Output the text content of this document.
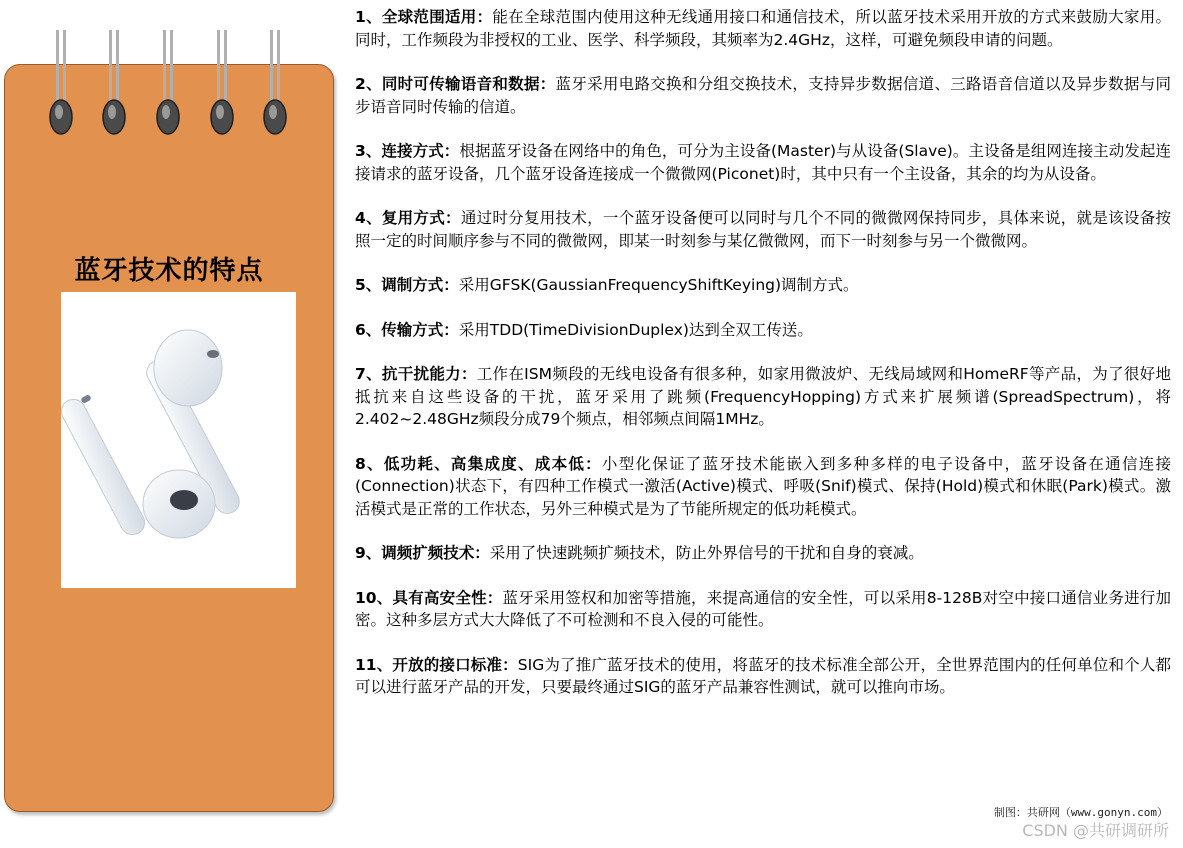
蓝牙技术的特点

1、全球范围适用：能在全球范围内使用这种无线通用接口和通信技术，所以蓝牙技术采用开放的方式来鼓励大家用。同时，工作频段为非授权的工业、医学、科学频段，其频率为2.4GHz，这样，可避免频段申请的问题。

2、同时可传输语音和数据：蓝牙采用电路交换和分组交换技术，支持异步数据信道、三路语音信道以及异步数据与同步语音同时传输的信道。

3、连接方式：根据蓝牙设备在网络中的角色，可分为主设备(Master)与从设备(Slave)。主设备是组网连接主动发起连接请求的蓝牙设备，几个蓝牙设备连接成一个微微网(Piconet)时，其中只有一个主设备，其余的均为从设备。

4、复用方式：通过时分复用技术，一个蓝牙设备便可以同时与几个不同的微微网保持同步，具体来说，就是该设备按照一定的时间顺序参与不同的微微网，即某一时刻参与某亿微微网，而下一时刻参与另一个微微网。

5、调制方式：采用GFSK(GaussianFrequencyShiftKeying)调制方式。

6、传输方式：采用TDD(TimeDivisionDuplex)达到全双工传送。

7、抗干扰能力：工作在ISM频段的无线电设备有很多种，如家用微波炉、无线局域网和HomeRF等产品，为了很好地抵抗来自这些设备的干扰，蓝牙采用了跳频(FrequencyHopping)方式来扩展频谱(SpreadSpectrum)，将2.402~2.48GHz频段分成79个频点，相邻频点间隔1MHz。

8、低功耗、高集成度、成本低：小型化保证了蓝牙技术能嵌入到多种多样的电子设备中，蓝牙设备在通信连接(Connection)状态下，有四种工作模式一激活(Active)模式、呼吸(Snif)模式、保持(Hold)模式和休眠(Park)模式。激活模式是正常的工作状态，另外三种模式是为了节能所规定的低功耗模式。

9、调频扩频技术：采用了快速跳频扩频技术，防止外界信号的干扰和自身的衰减。

10、具有高安全性：蓝牙采用签权和加密等措施，来提高通信的安全性，可以采用8-128B对空中接口通信业务进行加密。这种多层方式大大降低了不可检测和不良入侵的可能性。

11、开放的接口标准：SIG为了推广蓝牙技术的使用，将蓝牙的技术标准全部公开，全世界范围内的任何单位和个人都可以进行蓝牙产品的开发，只要最终通过SIG的蓝牙产品兼容性测试，就可以推向市场。

制图：共研网（www.gonyn.com）
CSDN @共研调研所
